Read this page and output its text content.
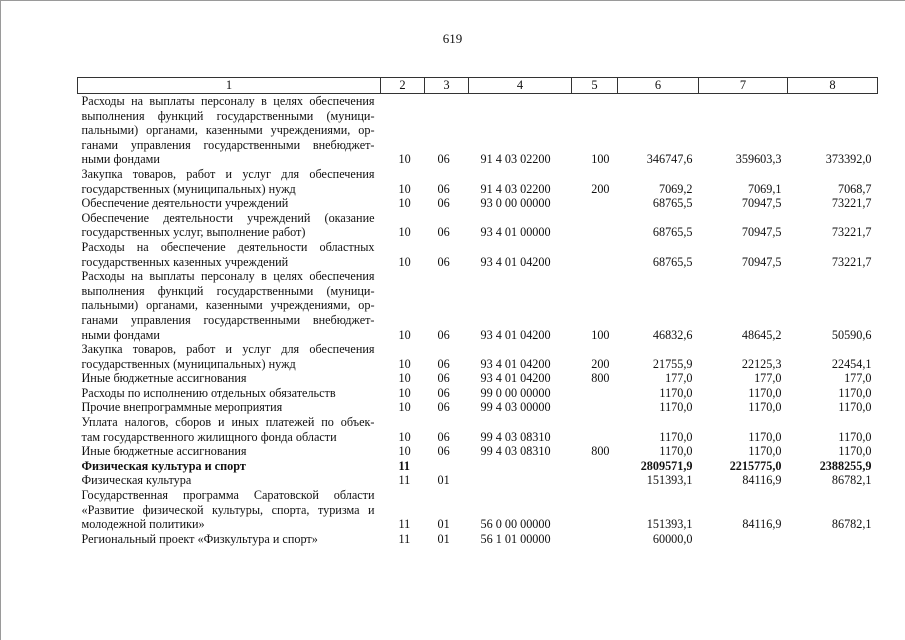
619
1	2	3	4	5	6	7	8

Расходы на выплаты персоналу в целях обеспечения
выполнения функций государственными (муници-
пальными) органами, казенными учреждениями, ор-
ганами управления государственными внебюджет-
ными фондами	10	06	91 4 03 02200	100	346747,6	359603,3	373392,0

Закупка товаров, работ и услуг для обеспечения
государственных (муниципальных) нужд	10	06	91 4 03 02200	200	7069,2	7069,1	7068,7

Обеспечение деятельности учреждений	10	06	93 0 00 00000		68765,5	70947,5	73221,7

Обеспечение деятельности учреждений (оказание
государственных услуг, выполнение работ)	10	06	93 4 01 00000		68765,5	70947,5	73221,7

Расходы на обеспечение деятельности областных
государственных казенных учреждений	10	06	93 4 01 04200		68765,5	70947,5	73221,7

Расходы на выплаты персоналу в целях обеспечения
выполнения функций государственными (муници-
пальными) органами, казенными учреждениями, ор-
ганами управления государственными внебюджет-
ными фондами	10	06	93 4 01 04200	100	46832,6	48645,2	50590,6

Закупка товаров, работ и услуг для обеспечения
государственных (муниципальных) нужд	10	06	93 4 01 04200	200	21755,9	22125,3	22454,1

Иные бюджетные ассигнования	10	06	93 4 01 04200	800	177,0	177,0	177,0

Расходы по исполнению отдельных обязательств	10	06	99 0 00 00000		1170,0	1170,0	1170,0

Прочие внепрограммные мероприятия	10	06	99 4 03 00000		1170,0	1170,0	1170,0

Уплата налогов, сборов и иных платежей по объек-
там государственного жилищного фонда области	10	06	99 4 03 08310		1170,0	1170,0	1170,0

Иные бюджетные ассигнования	10	06	99 4 03 08310	800	1170,0	1170,0	1170,0

Физическая культура и спорт	11				2809571,9	2215775,0	2388255,9

Физическая культура	11	01			151393,1	84116,9	86782,1

Государственная программа Саратовской области
«Развитие физической культуры, спорта, туризма и
молодежной политики»	11	01	56 0 00 00000		151393,1	84116,9	86782,1

Региональный проект «Физкультура и спорт»	11	01	56 1 01 00000		60000,0		
